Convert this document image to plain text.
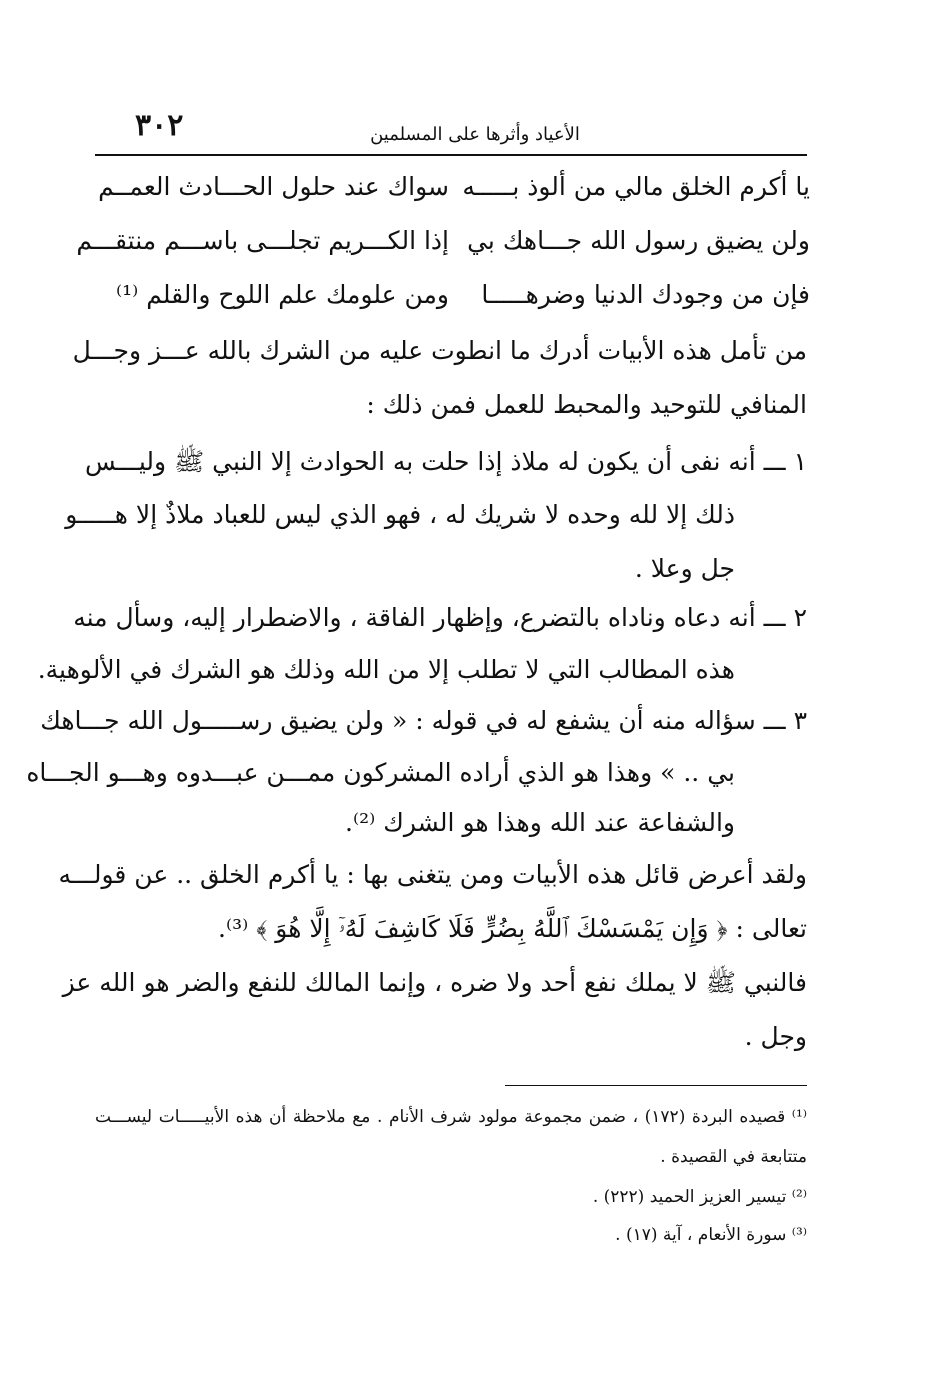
٣٠٢	الأعياد وأثرها على المسلمين
يا أكرم الخلق مالي من ألوذ بـــــه
سواك عند حلول الحـــادث العمــم
ولن يضيق رسول الله جـــاهك بي
إذا الكـــريم تجلـــى باســـم منتقـــم
فإن من وجودك الدنيا وضرهـــــا
ومن علومك علم اللوح والقلم ⁽¹⁾
من تأمل هذه الأبيات أدرك ما انطوت عليه من الشرك بالله عـــز وجـــل
المنافي للتوحيد والمحبط للعمل فمن ذلك :
١ ـــ أنه نفى أن يكون له ملاذ إذا حلت به الحوادث إلا النبي ﷺ وليـــس
ذلك إلا لله وحده لا شريك له ، فهو الذي ليس للعباد ملاذٌ إلا هـــــو
جل وعلا .
٢ ـــ أنه دعاه وناداه بالتضرع، وإظهار الفاقة ، والاضطرار إليه، وسأل منه
هذه المطالب التي لا تطلب إلا من الله وذلك هو الشرك في الألوهية.
٣ ـــ سؤاله منه أن يشفع له في قوله : « ولن يضيق رســـــول الله جـــاهك
بي .. » وهذا هو الذي أراده المشركون ممـــن عبـــدوه وهـــو الجـــاه
والشفاعة عند الله وهذا هو الشرك ⁽²⁾.
ولقد أعرض قائل هذه الأبيات ومن يتغنى بها : يا أكرم الخلق .. عن قولـــه
تعالى : ﴿ وَإِن يَمْسَسْكَ ٱللَّهُ بِضُرٍّ فَلَا كَاشِفَ لَهُۥٓ إِلَّا هُوَ ﴾ ⁽³⁾.
فالنبي ﷺ لا يملك نفع أحد ولا ضره ، وإنما المالك للنفع والضر هو الله عز
وجل .
⁽¹⁾ قصيده البردة (١٧٢) ، ضمن مجموعة مولود شرف الأنام . مع ملاحظة أن هذه الأبيـــــات ليســـت
متتابعة في القصيدة .
⁽²⁾ تيسير العزيز الحميد (٢٢٢) .
⁽³⁾ سورة الأنعام ، آية (١٧) .
